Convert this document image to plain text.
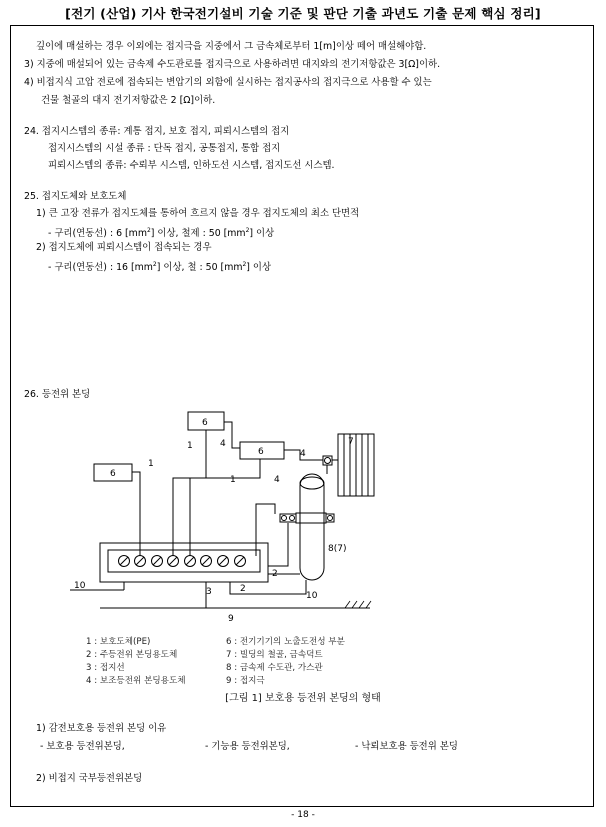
[전기 (산업) 기사 한국전기설비 기술 기준 및 판단 기출 과년도 기출 문제 핵심 정리]
깊이에 매설하는 경우 이외에는 접지극을 지중에서 그 금속체로부터 1[m]이상 떼어 매설해야함.
3) 지중에 매설되어 있는 금속제 수도관로를 접지극으로 사용하려면 대지와의 전기저항값은 3[Ω]이하.
4) 비접지식 고압 전로에 접속되는 변압기의 외함에 실시하는 접지공사의 접지극으로 사용할 수 있는
건물 철골의 대지 전기저항값은 2 [Ω]이하.
24. 접지시스템의 종류: 계통 접지, 보호 접지, 피뢰시스템의 접지
접지시스템의 시설 종류 : 단독 접지, 공통접지, 통합 접지
피뢰시스템의 종류: 수뢰부 시스템, 인하도선 시스템, 접지도선 시스템.
25. 접지도체와 보호도체
1) 큰 고장 전류가 접지도체를 통하여 흐르지 않을 경우 접지도체의 최소 단면적
- 구리(연동선) : 6 $[mm^2]$ 이상, 철제 : 50 $[mm^2]$ 이상
2) 접지도체에 피뢰시스템이 접속되는 경우
- 구리(연동선) : 16 $[mm^2]$ 이상, 철 : 50 $[mm^2]$ 이상
26. 등전위 본딩
6
6
6
7
1
1
1
4
4
4
2
2
3
10
10
9
8(7)
1 : 보호도체(PE)
2 : 주등전위 본딩용도체
3 : 접지선
4 : 보조등전위 본딩용도체
6 : 전기기기의 노출도전성 부분
7 : 빌딩의 철골, 금속덕트
8 : 금속제 수도관, 가스관
9 : 접지극
[그림 1] 보호용 등전위 본딩의 형태
1) 감전보호용 등전위 본딩 이유
- 보호용 등전위본딩,	- 기능용 등전위본딩,	- 낙뢰보호용 등전위 본딩
2) 비접지 국부등전위본딩
- 18 -
